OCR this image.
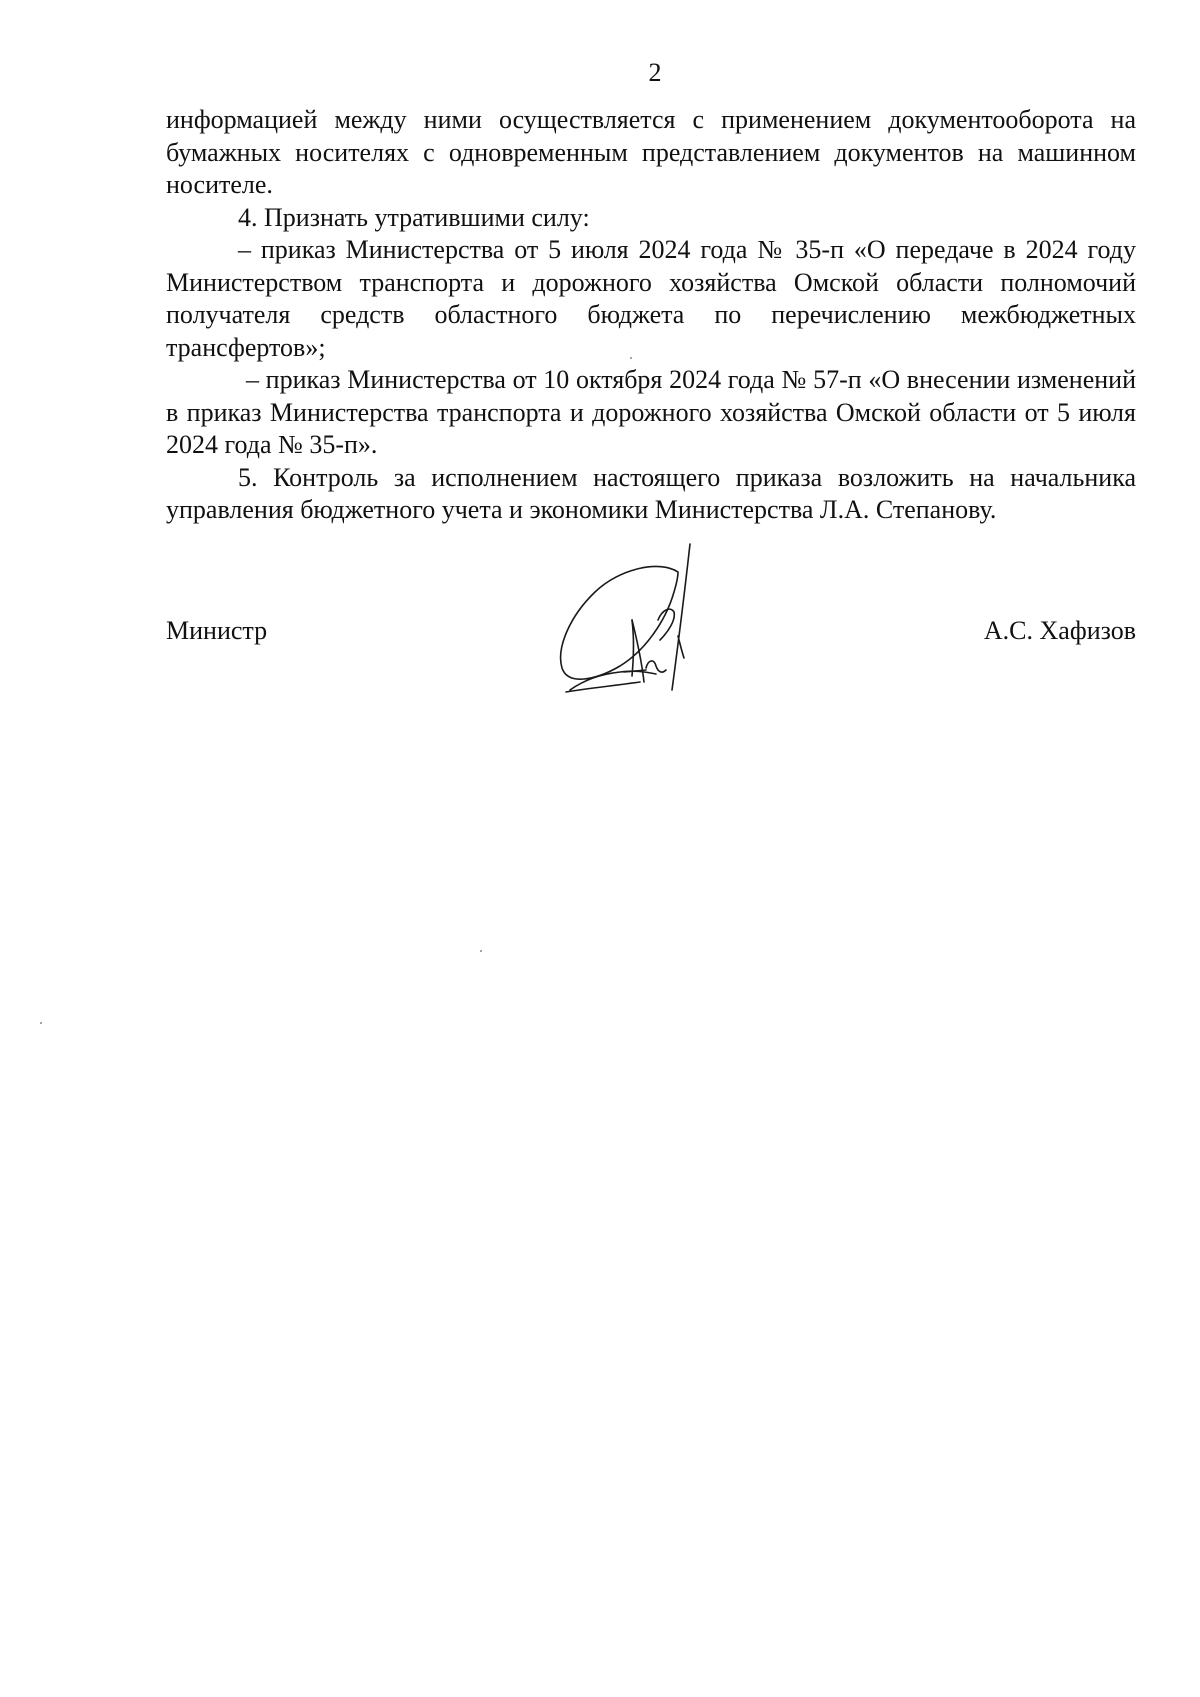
2

информацией между ними осуществляется с применением документооборота на бумажных носителях с одновременным представлением документов на машинном носителе.

4. Признать утратившими силу:

– приказ Министерства от 5 июля 2024 года № 35-п «О передаче в 2024 году Министерством транспорта и дорожного хозяйства Омской области полномочий получателя средств областного бюджета по перечислению межбюджетных трансфертов»;

– приказ Министерства от 10 октября 2024 года № 57-п «О внесении изменений в приказ Министерства транспорта и дорожного хозяйства Омской области от 5 июля 2024 года № 35-п».

5. Контроль за исполнением настоящего приказа возложить на начальника управления бюджетного учета и экономики Министерства Л.А. Степанову.

Министр	А.С. Хафизов
